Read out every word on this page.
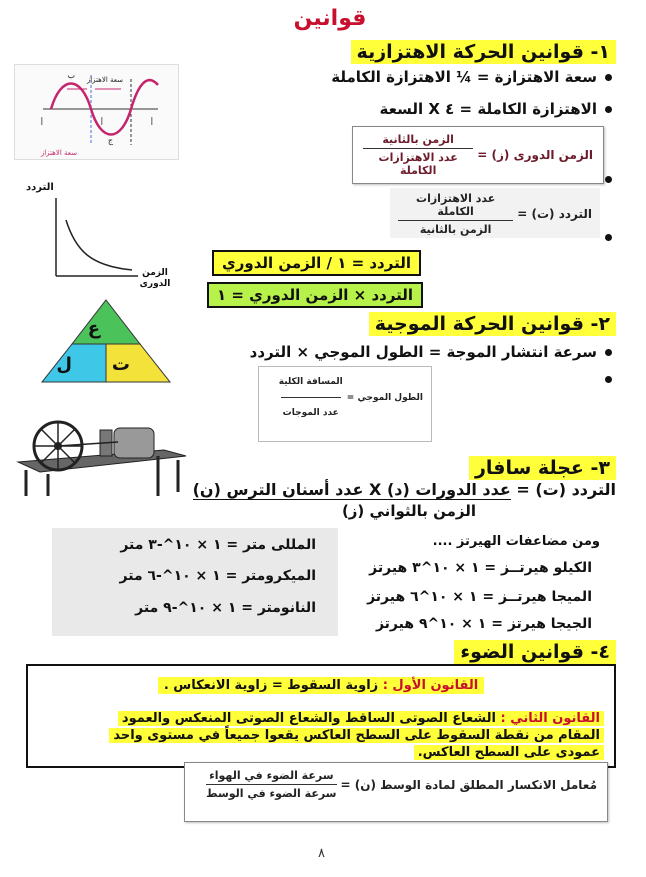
قوانين
١- قوانين الحركة الاهتزازية
ب سعة الاهتزاز
أ	أ	أ
ج
سعة الاهتزاز
سعة الاهتزازة = ¼ الاهتزازة الكاملة
الاهتزازة الكاملة = ٤ X السعة
الزمن الدورى (ز) =
$\frac{\text{الزمن بالثانية}}{\text{عدد الاهتزازات الكاملة}}$
التردد (ت) =
$\frac{\text{عدد الاهتزازات الكاملة}}{\text{الزمن بالثانية}}$
التردد
الزمن الدورى
التردد = ١ / الزمن الدوري
التردد × الزمن الدوري = ١
ع
ت
ل
٢- قوانين الحركة الموجية
سرعة انتشار الموجة = الطول الموجي × التردد
الطول الموجي =
$\frac{\text{المسافة الكلية}}{\text{عدد الموجات}}$
٣- عجلة سافار
التردد (ت) = عدد الدورات (د) X عدد أسنان الترس (ن)
الزمن بالثواني (ز)
ومن مضاعفات الهيرتز ....
الكيلو هيرتــز = ١ × ١٠^٣ هيرتز
الميجا هيرتــز = ١ × ١٠^٦ هيرتز
الجيجا هيرتز = ١ × ١٠^٩ هيرتز
المللى متر = ١ × ١٠^-٣ متر
الميكرومتر = ١ × ١٠^-٦ متر
النانومتر = ١ × ١٠^-٩ متر
٤- قوانين الضوء
القانون الأول : زاوية السقوط = زاوية الانعكاس .
القانون الثاني : الشعاع الصوتى الساقط والشعاع الصوتى المنعكس والعمود
المقام من نقطة السقوط على السطح العاكس يقعوا جميعاً في مستوى واحد
عمودى على السطح العاكس.
مُعامل الانكسار المطلق لمادة الوسط (ن) =
$\frac{\text{سرعة الضوء في الهواء}}{\text{سرعة الضوء في الوسط}}$
٨
